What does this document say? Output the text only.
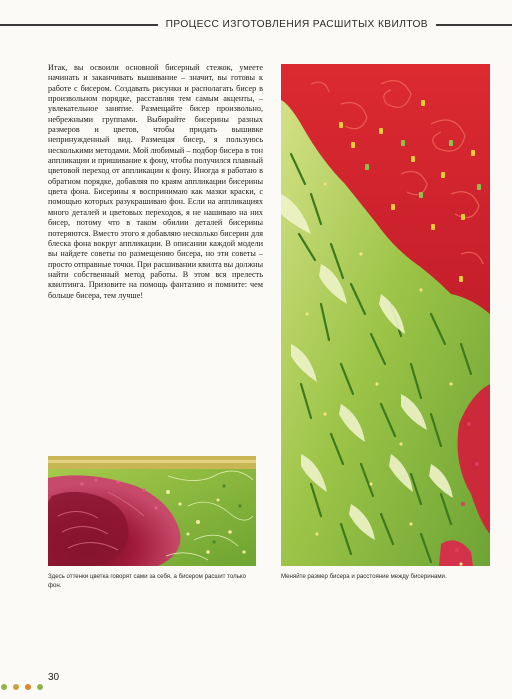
ПРОЦЕСС ИЗГОТОВЛЕНИЯ РАСШИТЫХ КВИЛТОВ

Итак, вы освоили основной бисерный стежок, умеете начинать и заканчивать вышивание – значит, вы готовы к работе с бисером. Создавать рисунки и располагать бисер в произвольном порядке, расставляя тем самым акценты, – увлекательное занятие. Размещайте бисер произвольно, небрежными группами. Выбирайте бисерины разных размеров и цветов, чтобы придать вышивке непринужденный вид. Размещая бисер, я пользуюсь несколькими методами. Мой любимый – подбор бисера в тон аппликации и пришивание к фону, чтобы получился плавный цветовой переход от аппликации к фону. Иногда я работаю в обратном порядке, добавляя по краям аппликации бисерины цвета фона. Бисерины я воспринимаю как мазки краски, с помощью которых разукрашиваю фон. Если на аппликациях много деталей и цветовых переходов, я не нашиваю на них бисер, потому что в таком обилии деталей бисерины потеряются. Вместо этого я добавляю несколько бисерин для блеска фона вокруг аппликации. В описании каждой модели вы найдете советы по размещению бисера, но эти советы – просто отправные точки. При расшивании квилта вы должны найти собственный метод работы. В этом вся прелесть квилтинга. Призовите на помощь фантазию и помните: чем больше бисера, тем лучше!

Здесь оттенки цветка говорят сами за себя, а бисером расшит только фон.
Меняйте размер бисера и расстояние между бисеринами.
30
